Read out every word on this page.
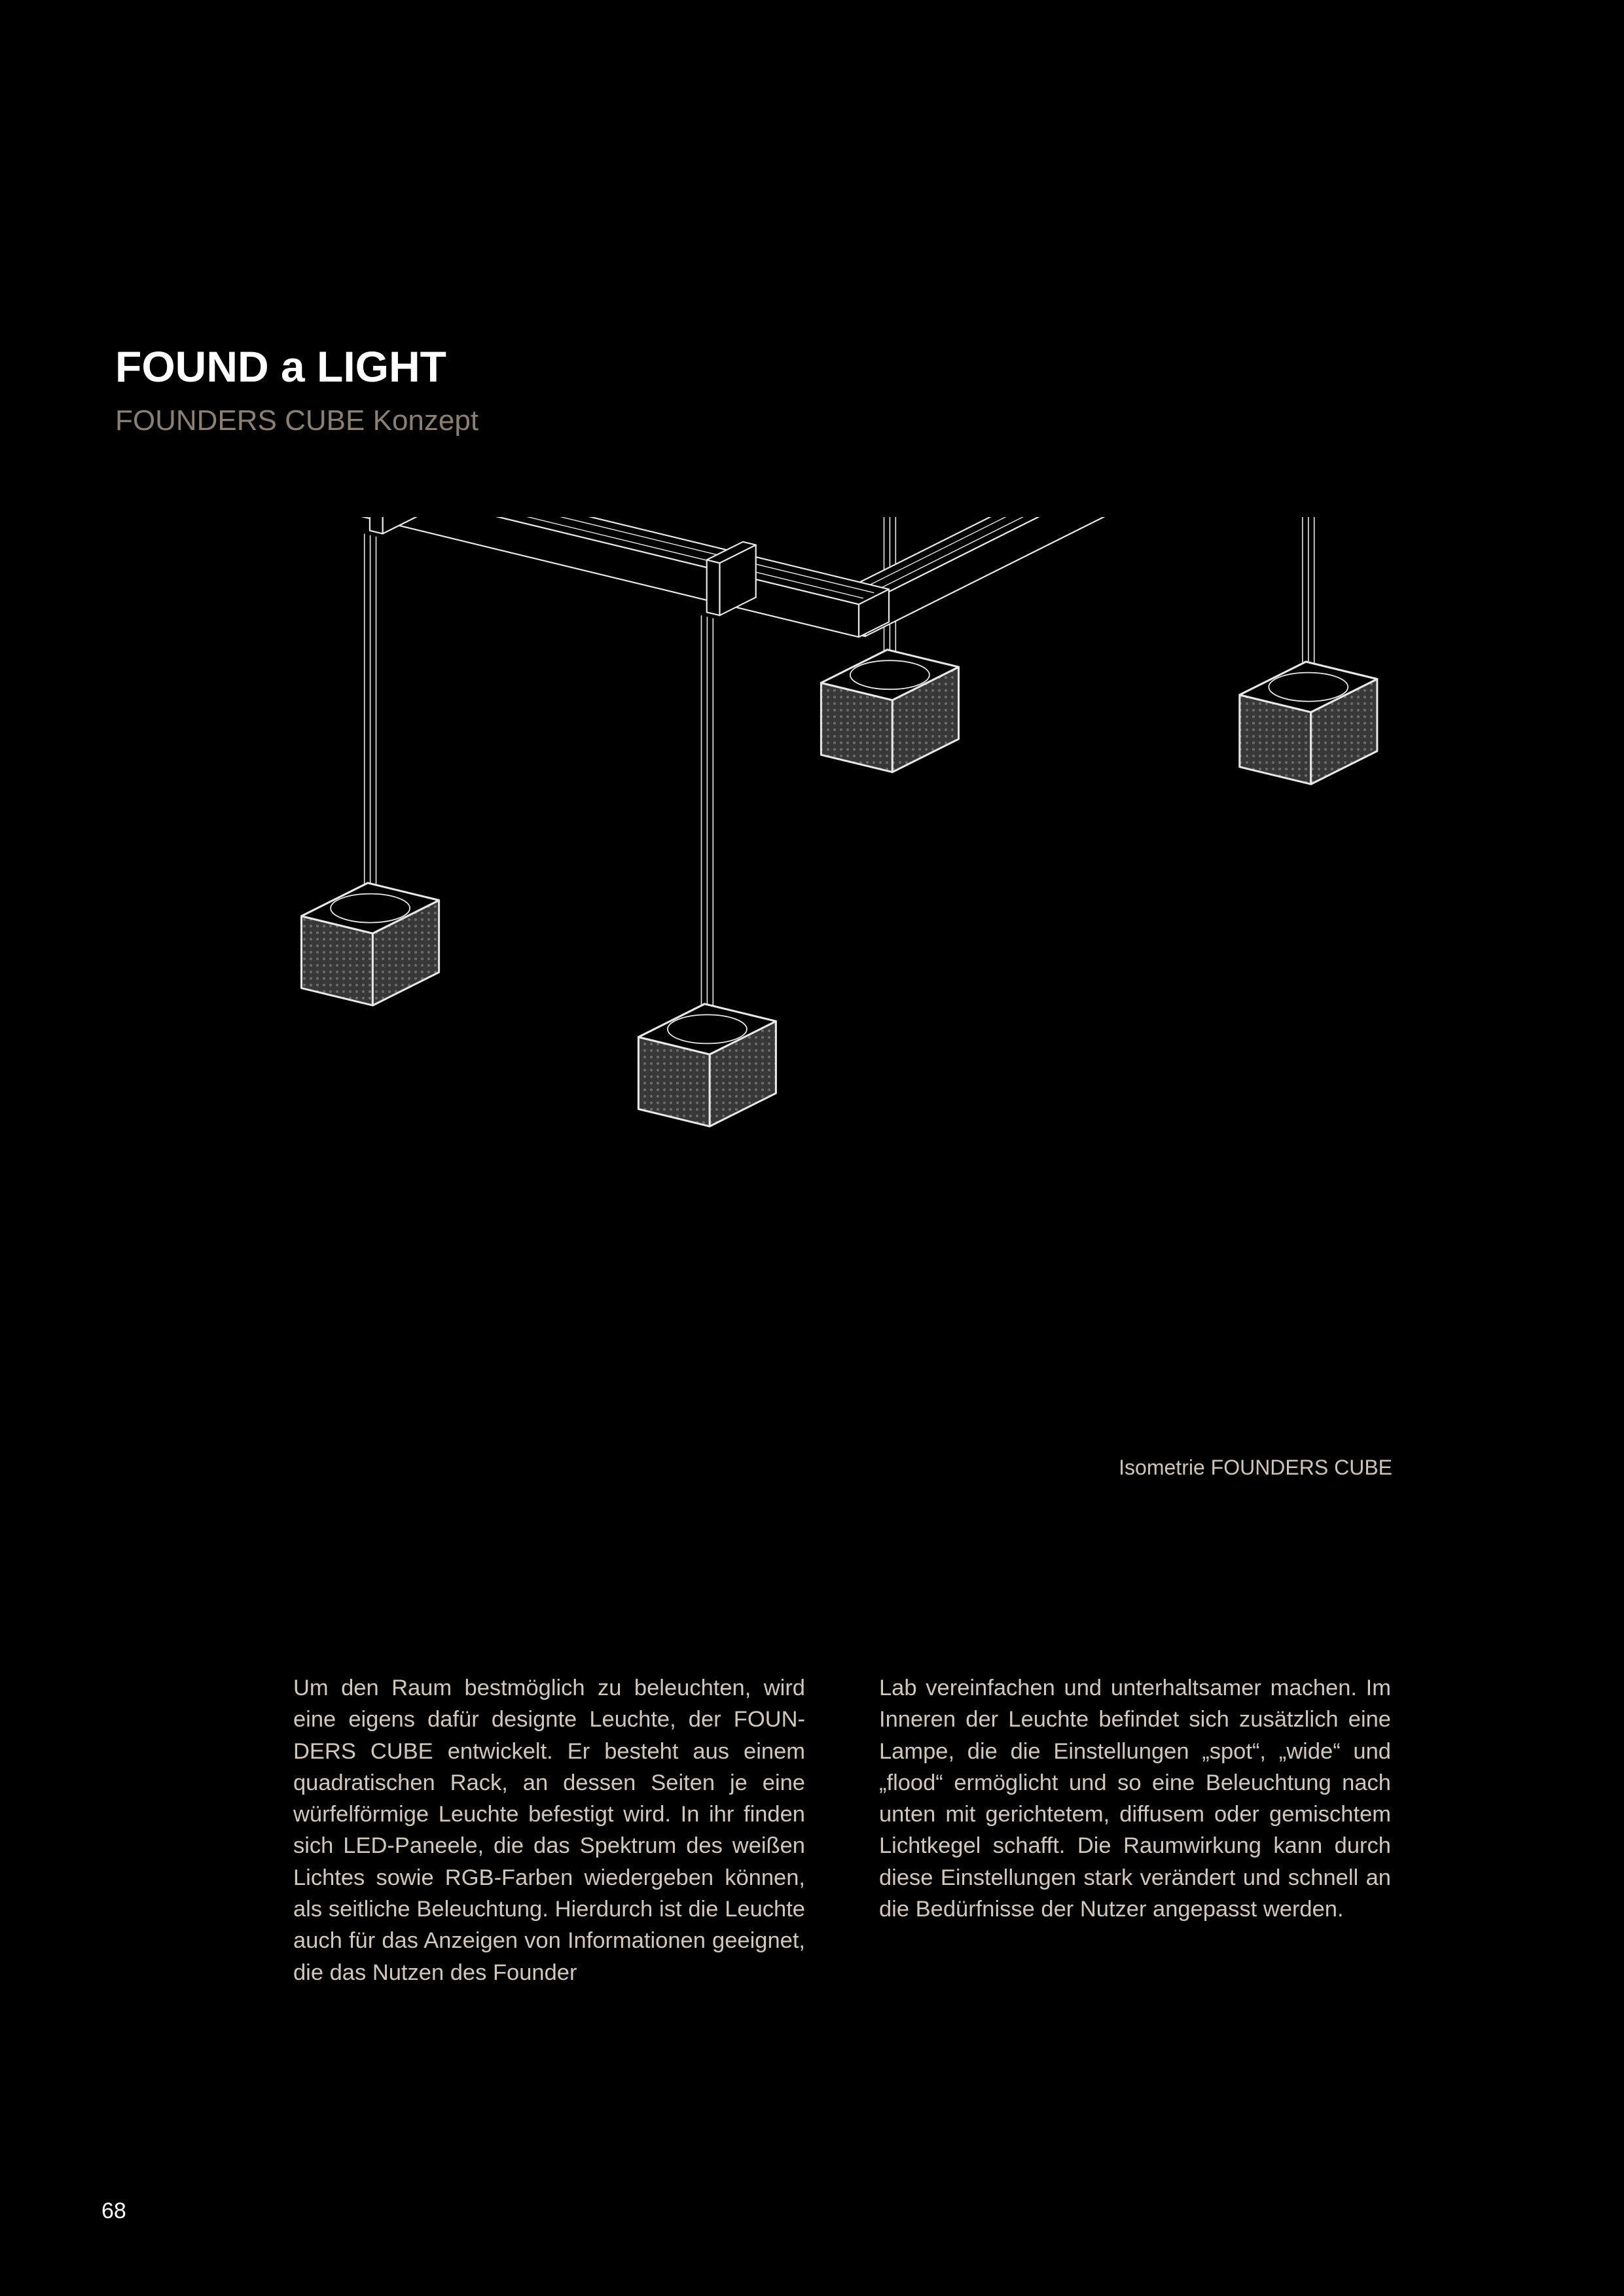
FOUND a LIGHT
FOUNDERS CUBE Konzept
Isometrie FOUNDERS CUBE
Um den Raum bestmöglich zu beleuchten, wird eine eigens dafür designte Leuchte, der FOUNDERS CUBE entwickelt. Er besteht aus einem quadratischen Rack, an dessen Seiten je eine würfelförmige Leuchte befestigt wird. In ihr finden sich LED-Paneele, die das Spektrum des weißen Lichtes sowie RGB-Farben wiedergeben können, als seitliche Beleuchtung. Hierdurch ist die Leuchte auch für das Anzeigen von Informationen geeignet, die das Nutzen des Founder
Lab vereinfachen und unterhaltsamer machen. Im Inneren der Leuchte befindet sich zusätzlich eine Lampe, die die Einstellungen „spot“, „wide“ und „flood“ ermöglicht und so eine Beleuchtung nach unten mit gerichtetem, diffusem oder gemischtem Lichtkegel schafft. Die Raumwirkung kann durch diese Einstellungen stark verändert und schnell an die Bedürfnisse der Nutzer angepasst werden.
68
